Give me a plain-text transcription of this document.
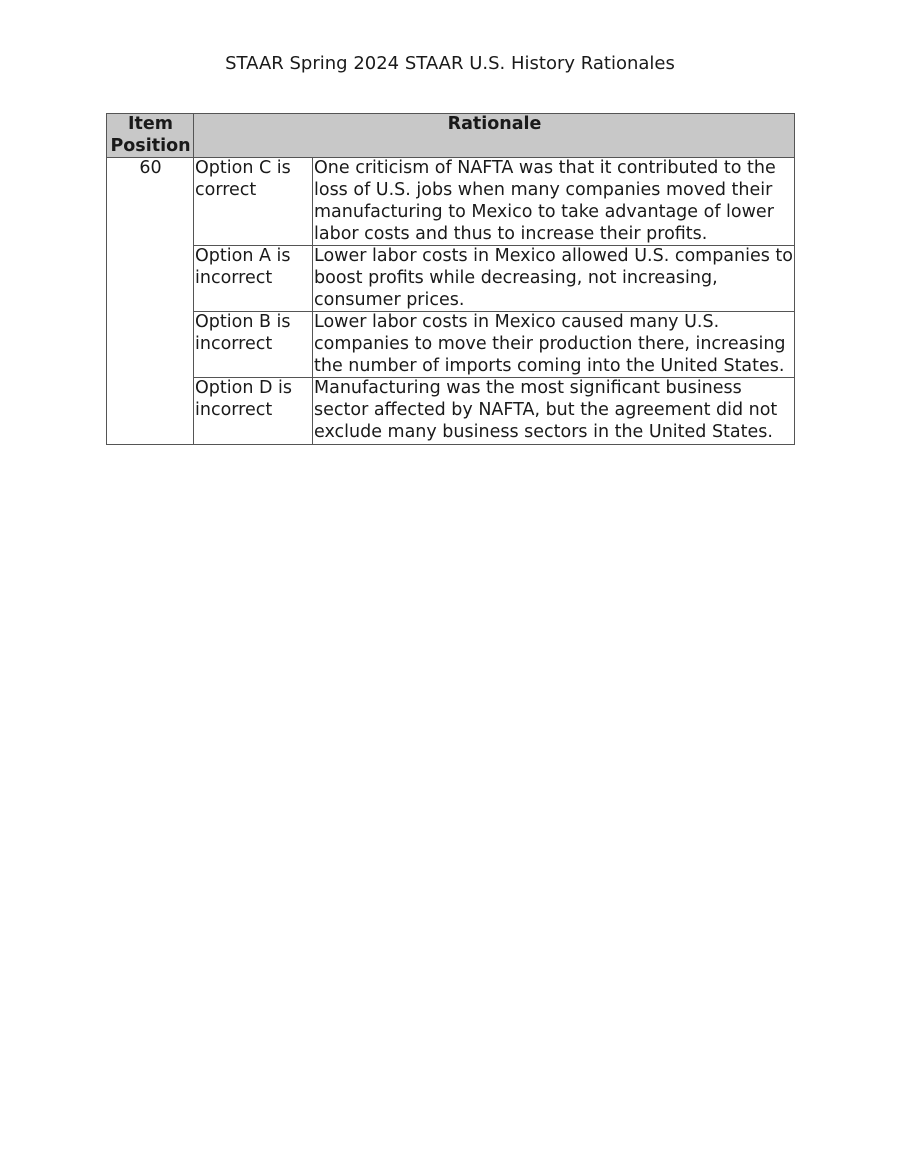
STAAR Spring 2024 STAAR U.S. History Rationales
Item Position	Rationale	
60	Option C is correct	One criticism of NAFTA was that it contributed to the loss of U.S. jobs when many companies moved their manufacturing to Mexico to take advantage of lower labor costs and thus to increase their profits.
	Option A is incorrect	Lower labor costs in Mexico allowed U.S. companies to boost profits while decreasing, not increasing, consumer prices.
	Option B is incorrect	Lower labor costs in Mexico caused many U.S. companies to move their production there, increasing the number of imports coming into the United States.
	Option D is incorrect	Manufacturing was the most significant business sector affected by NAFTA, but the agreement did not exclude many business sectors in the United States.
